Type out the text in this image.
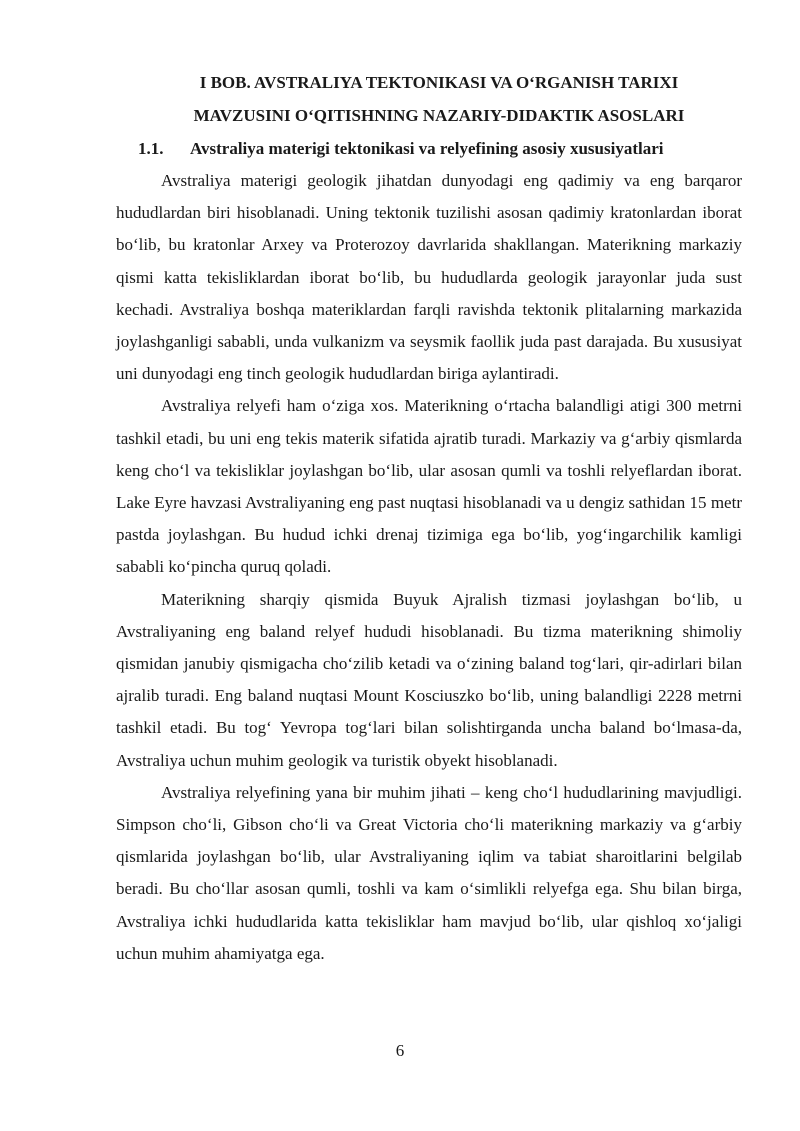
I BOB. AVSTRALIYA TEKTONIKASI VA O‘RGANISH TARIXI

MAVZUSINI O‘QITISHNING NAZARIY-DIDAKTIK ASOSLARI

1.1. Avstraliya materigi tektonikasi va relyefining asosiy xususiyatlari

Avstraliya materigi geologik jihatdan dunyodagi eng qadimiy va eng barqaror hududlardan biri hisoblanadi. Uning tektonik tuzilishi asosan qadimiy kratonlardan iborat bo‘lib, bu kratonlar Arxey va Proterozoy davrlarida shakllangan. Materikning markaziy qismi katta tekisliklardan iborat bo‘lib, bu hududlarda geologik jarayonlar juda sust kechadi. Avstraliya boshqa materiklardan farqli ravishda tektonik plitalarning markazida joylashganligi sababli, unda vulkanizm va seysmik faollik juda past darajada. Bu xususiyat uni dunyodagi eng tinch geologik hududlardan biriga aylantiradi.

Avstraliya relyefi ham o‘ziga xos. Materikning o‘rtacha balandligi atigi 300 metrni tashkil etadi, bu uni eng tekis materik sifatida ajratib turadi. Markaziy va g‘arbiy qismlarda keng cho‘l va tekisliklar joylashgan bo‘lib, ular asosan qumli va toshli relyeflardan iborat. Lake Eyre havzasi Avstraliyaning eng past nuqtasi hisoblanadi va u dengiz sathidan 15 metr pastda joylashgan. Bu hudud ichki drenaj tizimiga ega bo‘lib, yog‘ingarchilik kamligi sababli ko‘pincha quruq qoladi.

Materikning sharqiy qismida Buyuk Ajralish tizmasi joylashgan bo‘lib, u Avstraliyaning eng baland relyef hududi hisoblanadi. Bu tizma materikning shimoliy qismidan janubiy qismigacha cho‘zilib ketadi va o‘zining baland tog‘lari, qir-adirlari bilan ajralib turadi. Eng baland nuqtasi Mount Kosciuszko bo‘lib, uning balandligi 2228 metrni tashkil etadi. Bu tog‘ Yevropa tog‘lari bilan solishtirganda uncha baland bo‘lmasa-da, Avstraliya uchun muhim geologik va turistik obyekt hisoblanadi.

Avstraliya relyefining yana bir muhim jihati – keng cho‘l hududlarining mavjudligi. Simpson cho‘li, Gibson cho‘li va Great Victoria cho‘li materikning markaziy va g‘arbiy qismlarida joylashgan bo‘lib, ular Avstraliyaning iqlim va tabiat sharoitlarini belgilab beradi. Bu cho‘llar asosan qumli, toshli va kam o‘simlikli relyefga ega. Shu bilan birga, Avstraliya ichki hududlarida katta tekisliklar ham mavjud bo‘lib, ular qishloq xo‘jaligi uchun muhim ahamiyatga ega.

6
